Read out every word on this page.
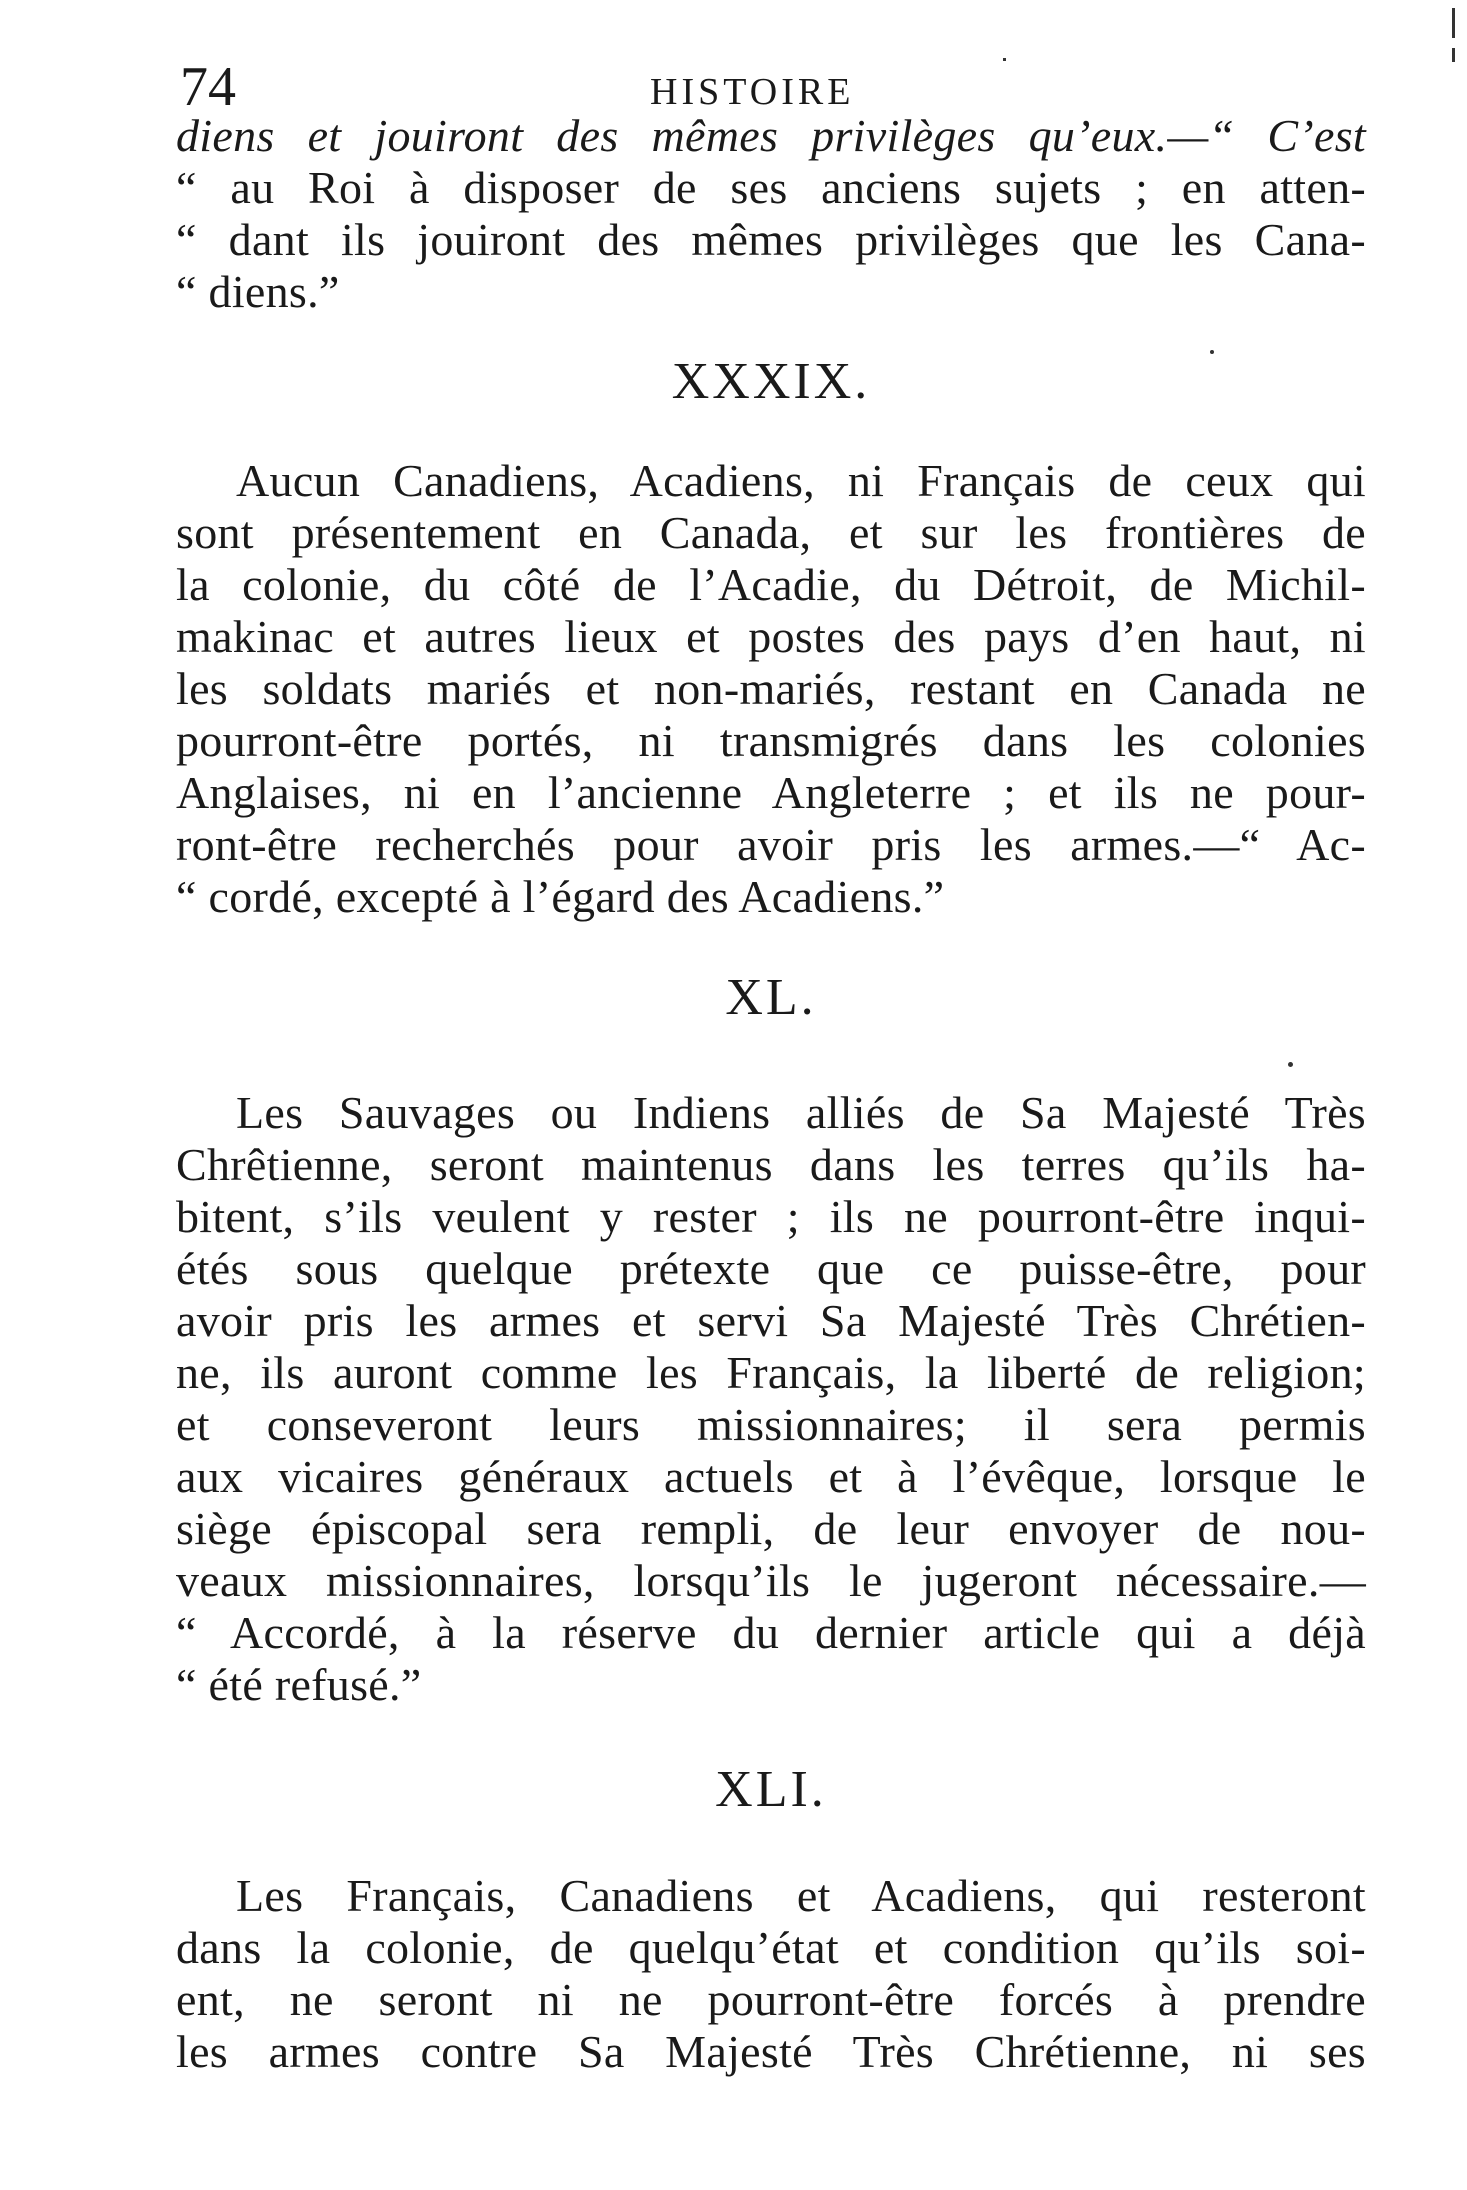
74	HISTOIRE
diens et jouiront des mêmes privilèges qu’eux.—“ C’est
“ au Roi à disposer de ses anciens sujets ; en atten-
“ dant ils jouiront des mêmes privilèges que les Cana-
“ diens.”
XXXIX.
Aucun Canadiens, Acadiens, ni Français de ceux qui
sont présentement en Canada, et sur les frontières de
la colonie, du côté de l’Acadie, du Détroit, de Michil-
makinac et autres lieux et postes des pays d’en haut, ni
les soldats mariés et non-mariés, restant en Canada ne
pourront-être portés, ni transmigrés dans les colonies
Anglaises, ni en l’ancienne Angleterre ; et ils ne pour-
ront-être recherchés pour avoir pris les armes.—“ Ac-
“ cordé, excepté à l’égard des Acadiens.”
XL.
Les Sauvages ou Indiens alliés de Sa Majesté Très
Chrêtienne, seront maintenus dans les terres qu’ils ha-
bitent, s’ils veulent y rester ; ils ne pourront-être inqui-
étés sous quelque prétexte que ce puisse-être, pour
avoir pris les armes et servi Sa Majesté Très Chrétien-
ne, ils auront comme les Français, la liberté de religion;
et conseveront leurs missionnaires; il sera permis
aux vicaires généraux actuels et à l’évêque, lorsque le
siège épiscopal sera rempli, de leur envoyer de nou-
veaux missionnaires, lorsqu’ils le jugeront nécessaire.—
“ Accordé, à la réserve du dernier article qui a déjà
“ été refusé.”
XLI.
Les Français, Canadiens et Acadiens, qui resteront
dans la colonie, de quelqu’état et condition qu’ils soi-
ent, ne seront ni ne pourront-être forcés à prendre
les armes contre Sa Majesté Très Chrétienne, ni ses
